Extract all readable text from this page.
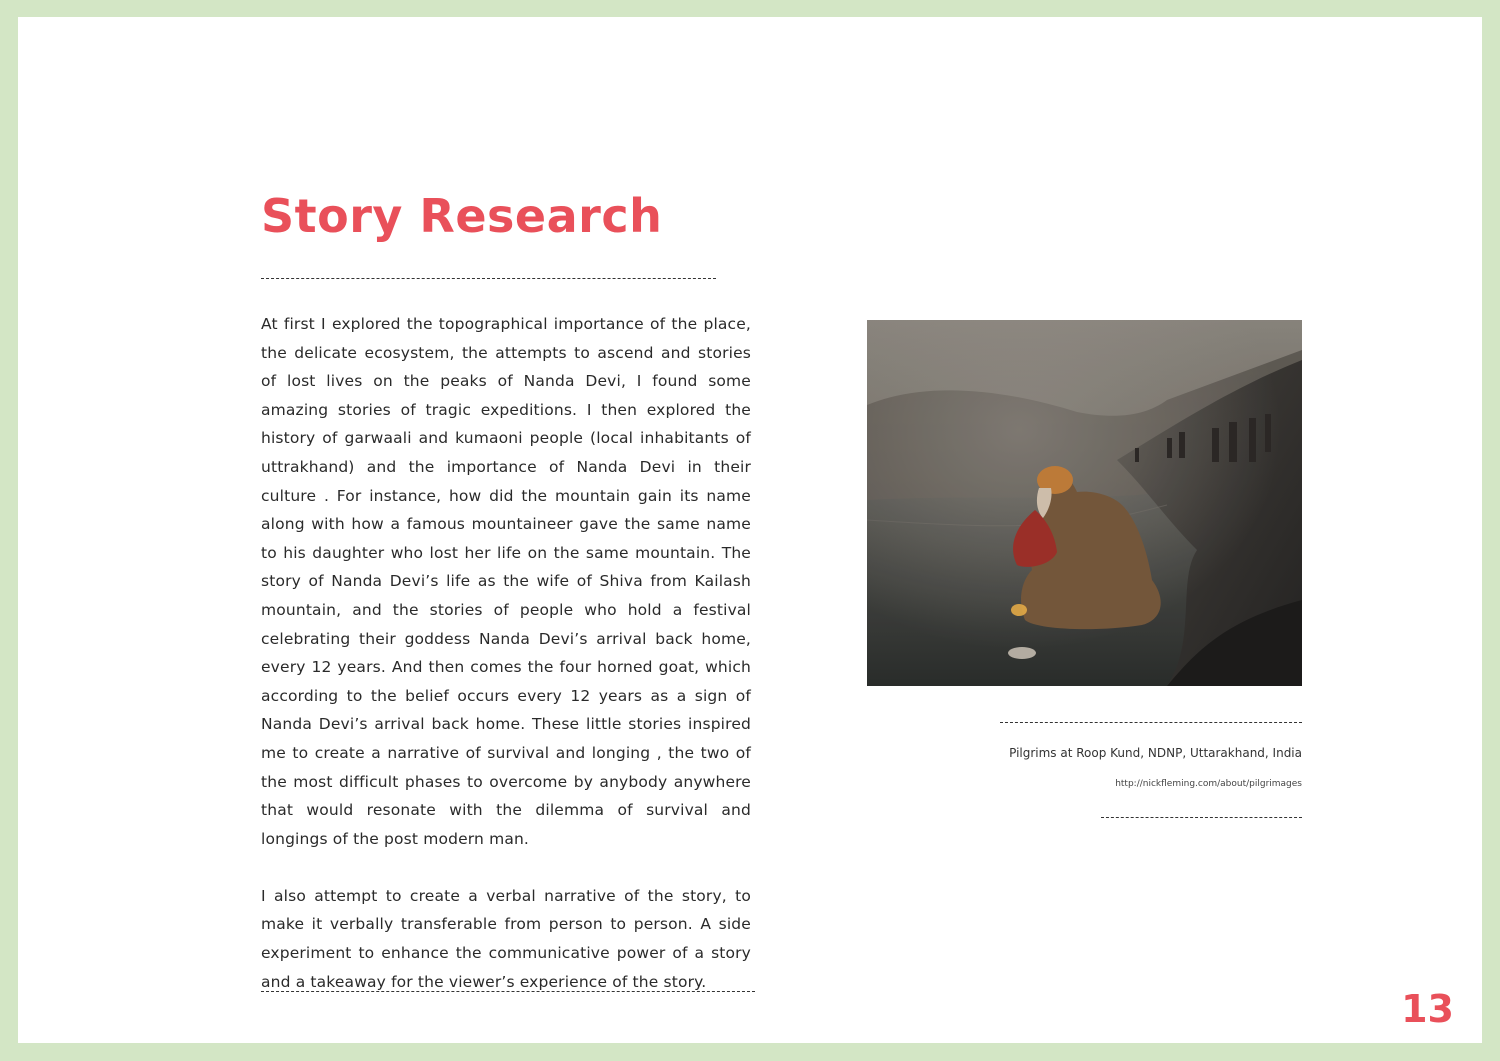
Story Research

At first I explored the topographical importance of the place, the delicate ecosystem, the attempts to ascend and stories of lost lives on the peaks of Nanda Devi, I found some amazing stories of tragic expeditions. I then explored the history of garwaali and kumaoni people (local inhabitants of uttrakhand) and the importance of Nanda Devi in their culture . For instance, how did the mountain gain its name along with how a famous mountaineer gave the same name to his daughter who lost her life on the same mountain. The story of Nanda Devi’s life as the wife of Shiva from Kailash mountain, and the stories of people who hold a festival celebrating their goddess Nanda Devi’s arrival back home, every 12 years. And then comes the four horned goat, which according to the belief occurs every 12 years as a sign of Nanda Devi’s arrival back home. These little stories inspired me to create a narrative of survival and longing , the two of the most difficult phases to overcome by anybody anywhere that would resonate with the dilemma of survival and longings of the post modern man.

I also attempt to create a verbal narrative of the story, to make it verbally transferable from person to person. A side experiment to enhance the communicative power of a story and a takeaway for the viewer’s experience of the story.

Pilgrims at Roop Kund, NDNP, Uttarakhand, India
http://nickfleming.com/about/pilgrimages
13
